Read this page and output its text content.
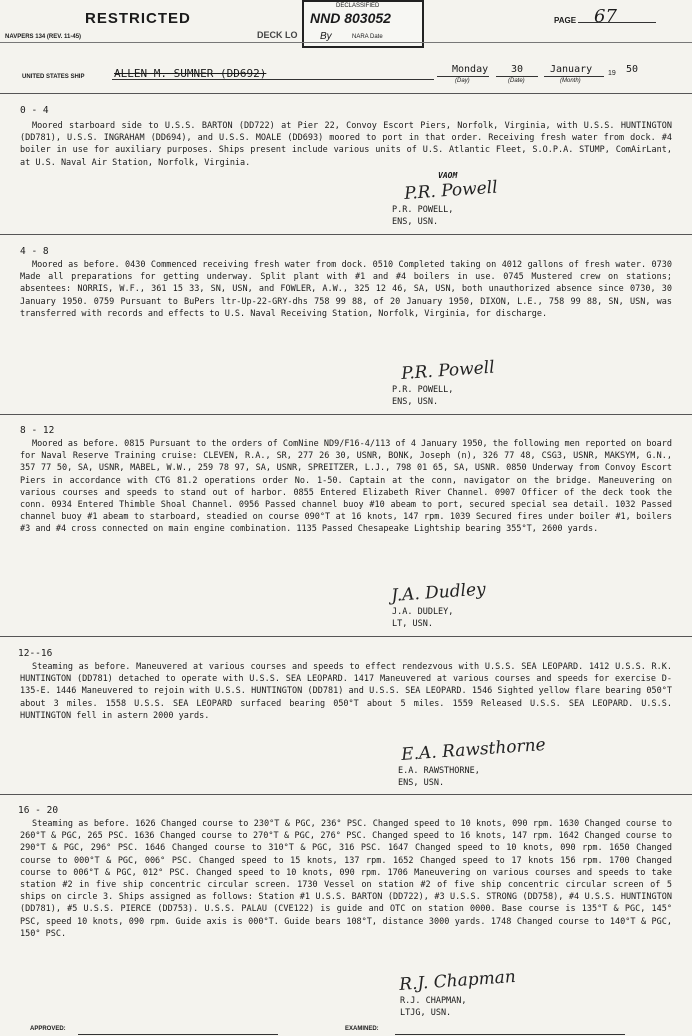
RESTRICTED
NAVPERS 134 (REV. 11-45)
DECLASSIFIED
NND 803052
By	NARA Date
DECK LO
PAGE 67
UNITED STATES SHIP	ALLEN M. SUMNER (DD692)	Monday 30	January 19 50
(Day)	(Date)	(Month)
0 - 4
Moored starboard side to U.S.S. BARTON (DD722) at Pier 22, Convoy Escort Piers, Norfolk, Virginia, with U.S.S. HUNTINGTON (DD781), U.S.S. INGRAHAM (DD694), and U.S.S. MOALE (DD693) moored to port in that order. Receiving fresh water from dock. #4 boiler in use for auxiliary purposes. Ships present include various units of U.S. Atlantic Fleet, S.O.P.A. STUMP, ComAirLant, at U.S. Naval Air Station, Norfolk, Virginia.
VAOM
P.R. Powell
P.R. POWELL,
ENS, USN.
4 - 8
Moored as before. 0430 Commenced receiving fresh water from dock. 0510 Completed taking on 4012 gallons of fresh water. 0730 Made all preparations for getting underway. Split plant with #1 and #4 boilers in use. 0745 Mustered crew on stations; absentees: NORRIS, W.F., 361 15 33, SN, USN, and FOWLER, A.W., 325 12 46, SA, USN, both unauthorized absence since 0730, 30 January 1950. 0759 Pursuant to BuPers ltr-Up-22-GRY-dhs 758 99 88, of 20 January 1950, DIXON, L.E., 758 99 88, SN, USN, was transferred with records and effects to U.S. Naval Receiving Station, Norfolk, Virginia, for discharge.
P.R. Powell
P.R. POWELL,
ENS, USN.
8 - 12
Moored as before. 0815 Pursuant to the orders of ComNine ND9/F16-4/113 of 4 January 1950, the following men reported on board for Naval Reserve Training cruise: CLEVEN, R.A., SR, 277 26 30, USNR, BONK, Joseph (n), 326 77 48, CSG3, USNR, MAKSYM, G.N., 357 77 50, SA, USNR, MABEL, W.W., 259 78 97, SA, USNR, SPREITZER, L.J., 798 01 65, SA, USNR. 0850 Underway from Convoy Escort Piers in accordance with CTG 81.2 operations order No. 1-50. Captain at the conn, navigator on the bridge. Maneuvering on various courses and speeds to stand out of harbor. 0855 Entered Elizabeth River Channel. 0907 Officer of the deck took the conn. 0934 Entered Thimble Shoal Channel. 0956 Passed channel buoy #10 abeam to port, secured special sea detail. 1032 Passed channel buoy #1 abeam to starboard, steadied on course 090°T at 16 knots, 147 rpm. 1039 Secured fires under boiler #1, boilers #3 and #4 cross connected on main engine combination. 1135 Passed Chesapeake Lightship bearing 355°T, 2600 yards.
J.A. Dudley
J.A. DUDLEY,
LT, USN.
12--16
Steaming as before. Maneuvered at various courses and speeds to effect rendezvous with U.S.S. SEA LEOPARD. 1412 U.S.S. R.K. HUNTINGTON (DD781) detached to operate with U.S.S. SEA LEOPARD. 1417 Maneuvered at various courses and speeds for exercise D-135-E. 1446 Maneuvered to rejoin with U.S.S. HUNTINGTON (DD781) and U.S.S. SEA LEOPARD. 1546 Sighted yellow flare bearing 050°T about 3 miles. 1558 U.S.S. SEA LEOPARD surfaced bearing 050°T about 5 miles. 1559 Released U.S.S. SEA LEOPARD. U.S.S. HUNTINGTON fell in astern 2000 yards.
E.A. Rawsthorne
E.A. RAWSTHORNE,
ENS, USN.
16 - 20
Steaming as before. 1626 Changed course to 230°T & PGC, 236° PSC. Changed speed to 10 knots, 090 rpm. 1630 Changed course to 260°T & PGC, 265 PSC. 1636 Changed course to 270°T & PGC, 276° PSC. Changed speed to 16 knots, 147 rpm. 1642 Changed course to 290°T & PGC, 296° PSC. 1646 Changed course to 310°T & PGC, 316 PSC. 1647 Changed speed to 10 knots, 090 rpm. 1650 Changed course to 000°T & PGC, 006° PSC. Changed speed to 15 knots, 137 rpm. 1652 Changed speed to 17 knots 156 rpm. 1700 Changed course to 006°T & PGC, 012° PSC. Changed speed to 10 knots, 090 rpm. 1706 Maneuvering on various courses and speeds to take station #2 in five ship concentric circular screen. 1730 Vessel on station #2 of five ship concentric circular screen of 5 ships on circle 3. Ships assigned as follows: Station #1 U.S.S. BARTON (DD722), #3 U.S.S. STRONG (DD758), #4 U.S.S. HUNTINGTON (DD781), #5 U.S.S. PIERCE (DD753). U.S.S. PALAU (CVE122) is guide and OTC on station 0000. Base course is 135°T & PGC, 145° PSC, speed 10 knots, 090 rpm. Guide axis is 000°T. Guide bears 108°T, distance 3000 yards. 1748 Changed course to 140°T & PGC, 150° PSC.
R.J. Chapman
R.J. CHAPMAN,
LTJG, USN.
APPROVED:	EXAMINED:
